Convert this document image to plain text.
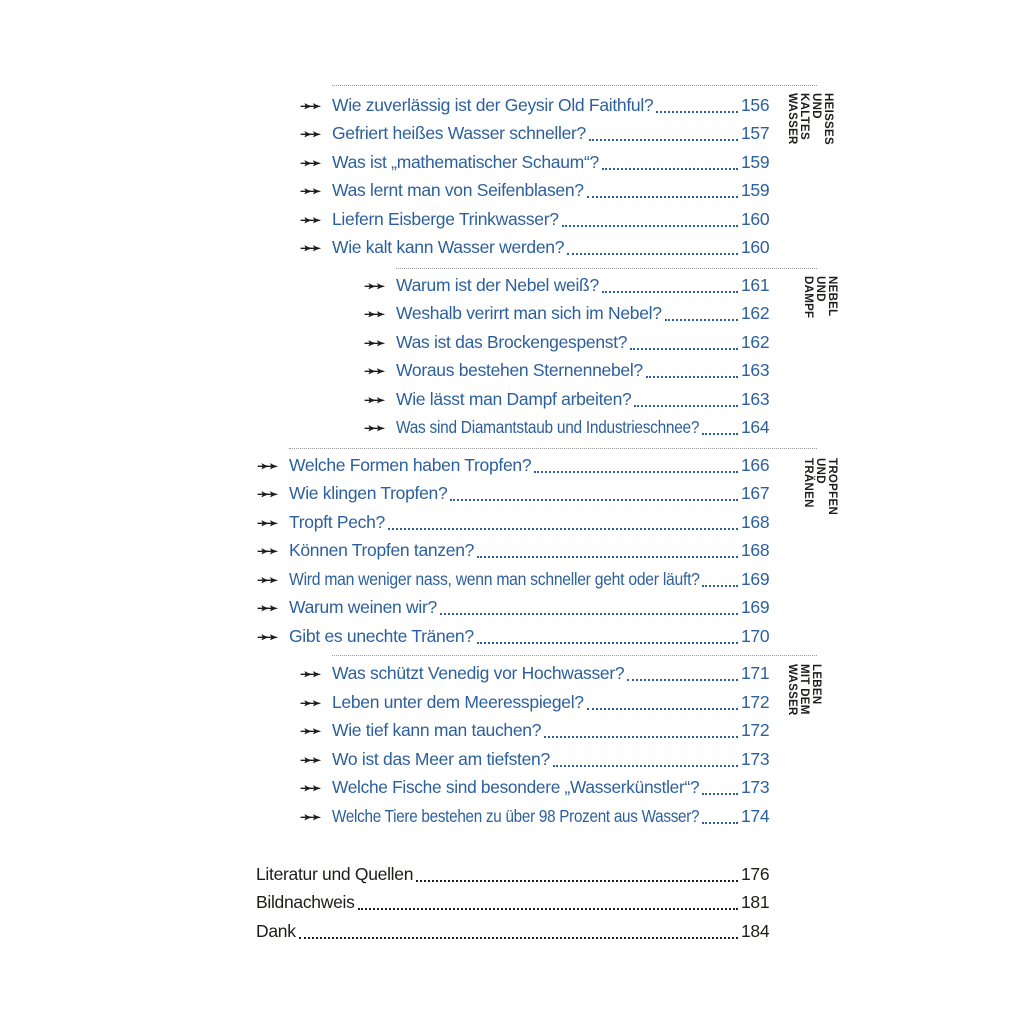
HEISSES UND
KALTES WASSER
➛➛ Wie zuverlässig ist der Geysir Old Faithful?	156
➛➛ Gefriert heißes Wasser schneller?	157
➛➛ Was ist „mathematischer Schaum“?	159
➛➛ Was lernt man von Seifenblasen?	159
➛➛ Liefern Eisberge Trinkwasser?	160
➛➛ Wie kalt kann Wasser werden?	160
NEBEL UND DAMPF
➛➛ Warum ist der Nebel weiß?	161
➛➛ Weshalb verirrt man sich im Nebel?	162
➛➛ Was ist das Brockengespenst?	162
➛➛ Woraus bestehen Sternennebel?	163
➛➛ Wie lässt man Dampf arbeiten?	163
➛➛ Was sind Diamantstaub und Industrieschnee? 164
TROPFEN UND TRÄNEN
➛➛ Welche Formen haben Tropfen?	166
➛➛ Wie klingen Tropfen?	167
➛➛ Tropft Pech?	168
➛➛ Können Tropfen tanzen?	168
➛➛ Wird man weniger nass, wenn man schneller geht oder läuft? 169
➛➛ Warum weinen wir?	169
➛➛ Gibt es unechte Tränen?	170
LEBEN MIT DEM
WASSER
➛➛ Was schützt Venedig vor Hochwasser?	171
➛➛ Leben unter dem Meeresspiegel?	172
➛➛ Wie tief kann man tauchen?	172
➛➛ Wo ist das Meer am tiefsten?	173
➛➛ Welche Fische sind besondere „Wasserkünstler“? 173
➛➛ Welche Tiere bestehen zu über 98 Prozent aus Wasser? 174
Literatur und Quellen	176
Bildnachweis	181
Dank	184
